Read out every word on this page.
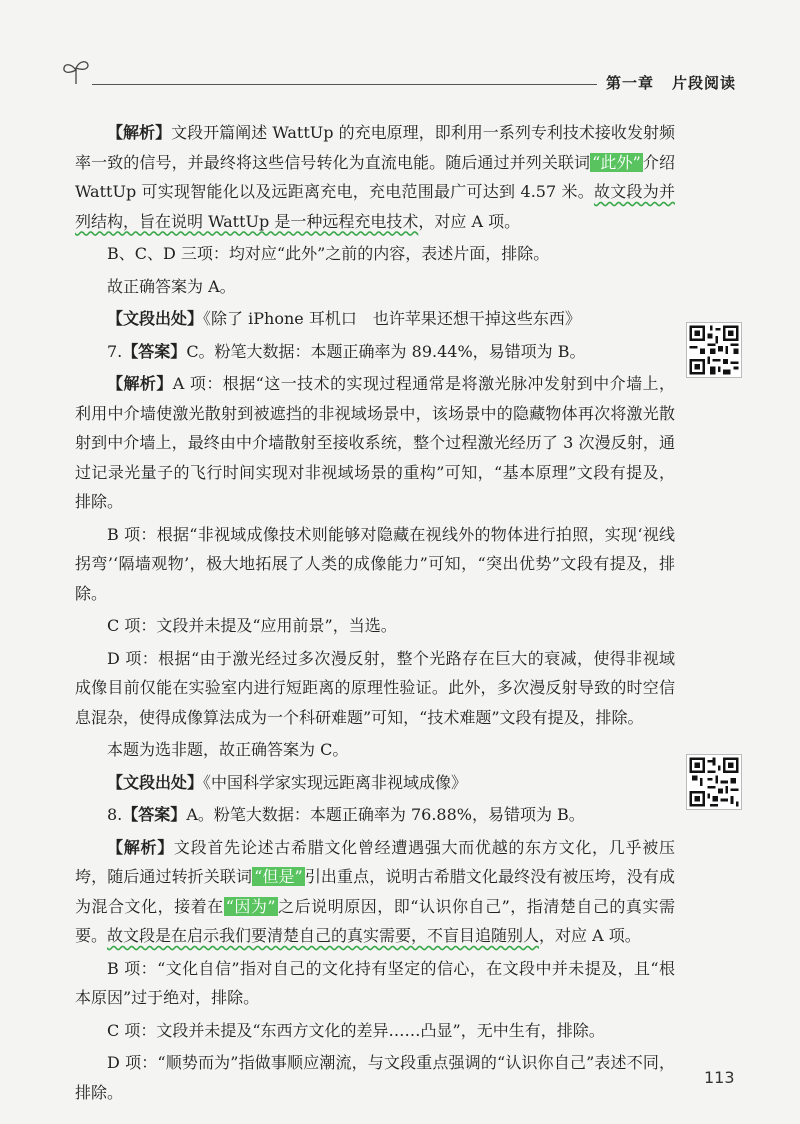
第一章 片段阅读

【解析】文段开篇阐述 WattUp 的充电原理，即利用一系列专利技术接收发射频率一致的信号，并最终将这些信号转化为直流电能。随后通过并列关联词 “此外” 介绍 WattUp 可实现智能化以及远距离充电，充电范围最广可达到 4.57 米。故文段为并列结构，旨在说明 WattUp 是一种远程充电技术，对应 A 项。

B、C、D 三项：均对应“此外”之前的内容，表述片面，排除。

故正确答案为 A。

【文段出处】《除了 iPhone 耳机口　也许苹果还想干掉这些东西》

7.【答案】C。粉笔大数据：本题正确率为 89.44%，易错项为 B。

【解析】A 项：根据“这一技术的实现过程通常是将激光脉冲发射到中介墙上，利用中介墙使激光散射到被遮挡的非视域场景中，该场景中的隐藏物体再次将激光散射到中介墙上，最终由中介墙散射至接收系统，整个过程激光经历了 3 次漫反射，通过记录光量子的飞行时间实现对非视域场景的重构”可知，“基本原理”文段有提及，排除。

B 项：根据“非视域成像技术则能够对隐藏在视线外的物体进行拍照，实现‘视线拐弯’‘隔墙观物’，极大地拓展了人类的成像能力”可知，“突出优势”文段有提及，排除。

C 项：文段并未提及“应用前景”，当选。

D 项：根据“由于激光经过多次漫反射，整个光路存在巨大的衰减，使得非视域成像目前仅能在实验室内进行短距离的原理性验证。此外，多次漫反射导致的时空信息混杂，使得成像算法成为一个科研难题”可知，“技术难题”文段有提及，排除。

本题为选非题，故正确答案为 C。

【文段出处】《中国科学家实现远距离非视域成像》

8.【答案】A。粉笔大数据：本题正确率为 76.88%，易错项为 B。

【解析】文段首先论述古希腊文化曾经遭遇强大而优越的东方文化，几乎被压垮，随后通过转折关联词 “但是” 引出重点，说明古希腊文化最终没有被压垮，没有成为混合文化，接着在 “因为” 之后说明原因，即“认识你自己”，指清楚自己的真实需要。故文段是在启示我们要清楚自己的真实需要，不盲目追随别人，对应 A 项。

B 项：“文化自信”指对自己的文化持有坚定的信心，在文段中并未提及，且“根本原因”过于绝对，排除。

C 项：文段并未提及“东西方文化的差异……凸显”，无中生有，排除。

D 项：“顺势而为”指做事顺应潮流，与文段重点强调的“认识你自己”表述不同，排除。

113
